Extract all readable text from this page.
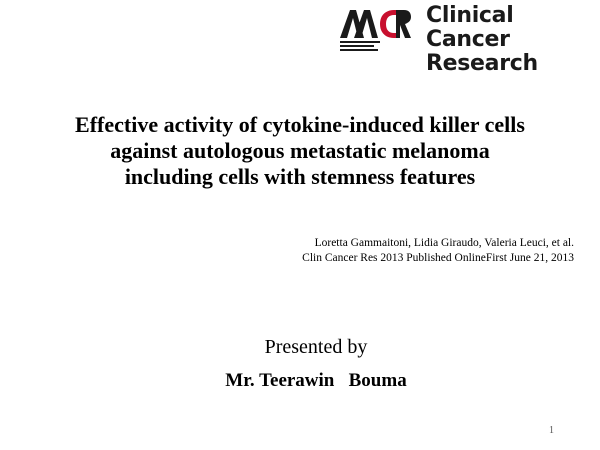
Clinical Cancer
Research
Effective activity of cytokine-induced killer cells
against autologous metastatic melanoma
including cells with stemness features
Loretta Gammaitoni, Lidia Giraudo, Valeria Leuci, et al.
Clin Cancer Res 2013 Published OnlineFirst June 21, 2013
Presented by
Mr. Teerawin   Bouma
1
